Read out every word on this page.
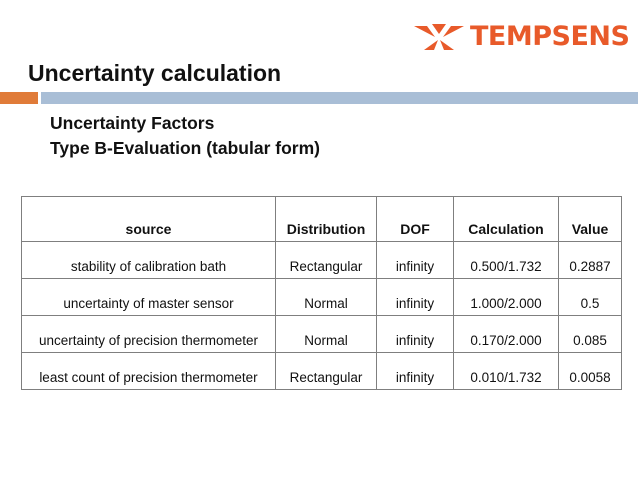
TEMPSENS
Uncertainty calculation
Uncertainty Factors
Type B-Evaluation (tabular form)
source	Distribution	DOF	Calculation	Value
stability of calibration bath	Rectangular	infinity	0.500/1.732	0.2887
uncertainty of master sensor	Normal	infinity	1.000/2.000	0.5
uncertainty of precision thermometer	Normal	infinity	0.170/2.000	0.085
least count of precision thermometer	Rectangular	infinity	0.010/1.732	0.0058
